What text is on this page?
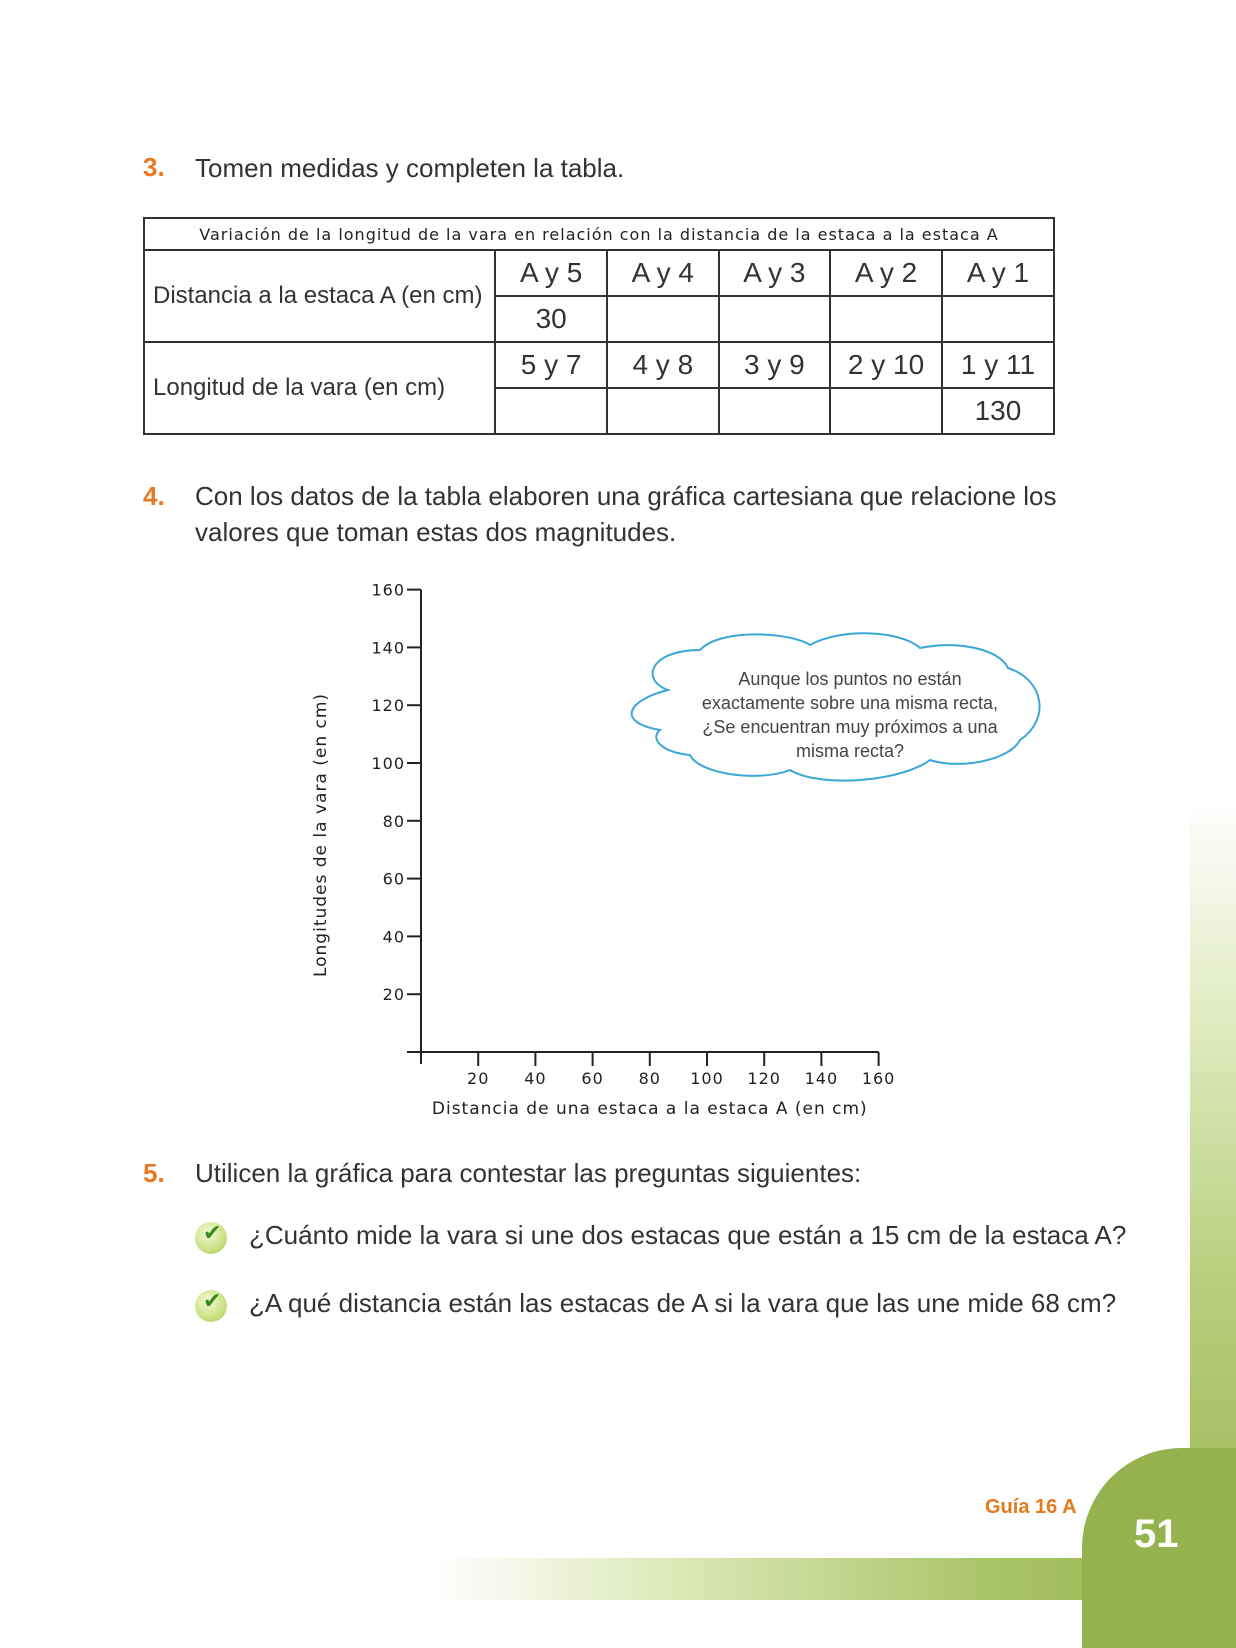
3. Tomen medidas y completen la tabla.
Variación de la longitud de la vara en relación con la distancia de la estaca a la estaca A					
Distancia a la estaca A (en cm)	A y 5	A y 4	A y 3	A y 2	A y 1
	30				
Longitud de la vara (en cm)	5 y 7	4 y 8	3 y 9	2 y 10	1 y 11
					130
4. Con los datos de la tabla elaboren una gráfica cartesiana que relacione los
valores que toman estas dos magnitudes.
20 40 60 80 100 120 140 160
20
40
60
80
100
120
140
160
Distancia de una estaca a la estaca A (en cm)
Longitudes de la vara (en cm)
Aunque los puntos no están
exactamente sobre una misma recta,
¿Se encuentran muy próximos a una
misma recta?
5. Utilicen la gráfica para contestar las preguntas siguientes:
✔ ¿Cuánto mide la vara si une dos estacas que están a 15 cm de la estaca A?
✔ ¿A qué distancia están las estacas de A si la vara que las une mide 68 cm?
Guía 16 A
51
